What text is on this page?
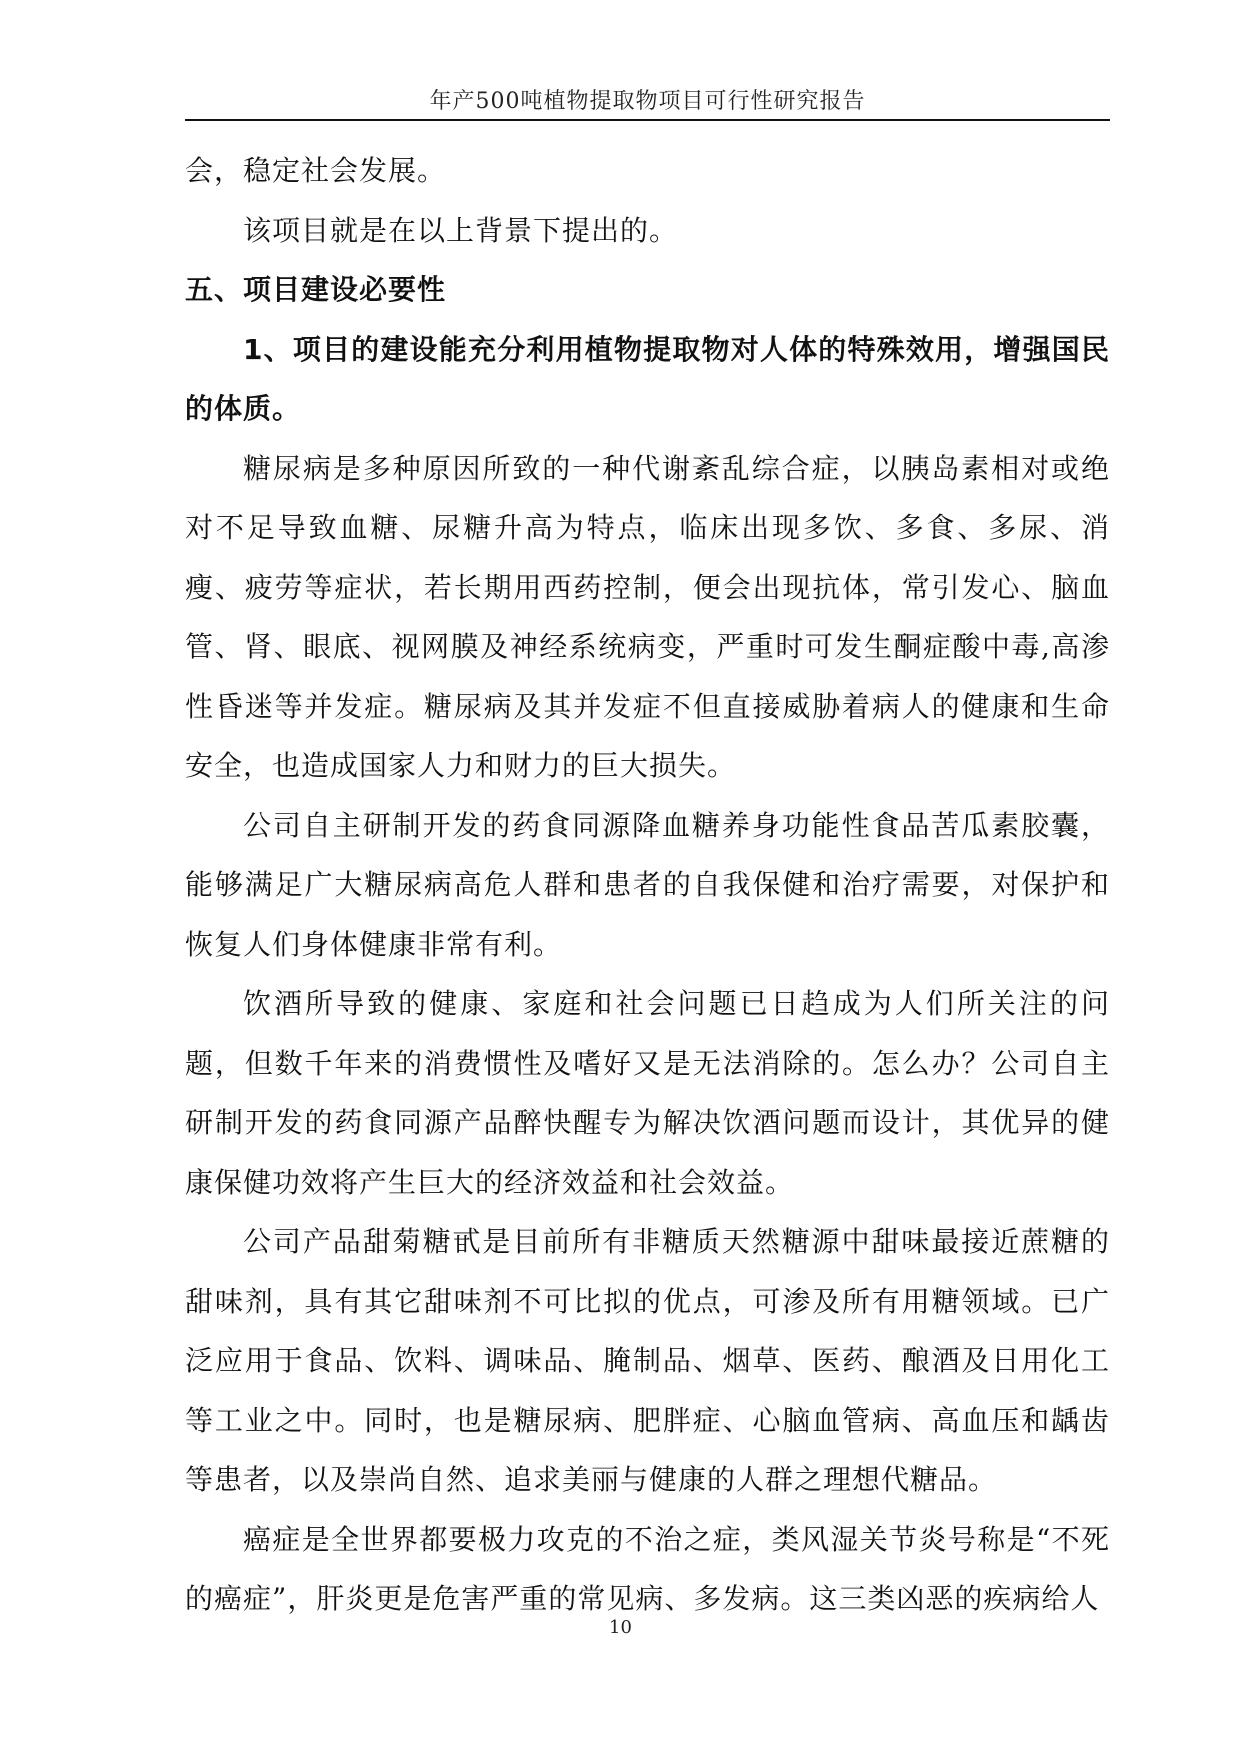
年产500吨植物提取物项目可行性研究报告

会，稳定社会发展。

该项目就是在以上背景下提出的。

五、项目建设必要性

1、项目的建设能充分利用植物提取物对人体的特殊效用，增强国民的体质。

糖尿病是多种原因所致的一种代谢紊乱综合症，以胰岛素相对或绝对不足导致血糖、尿糖升高为特点，临床出现多饮、多食、多尿、消瘦、疲劳等症状，若长期用西药控制，便会出现抗体，常引发心、脑血管、肾、眼底、视网膜及神经系统病变，严重时可发生酮症酸中毒,高渗性昏迷等并发症。糖尿病及其并发症不但直接威胁着病人的健康和生命安全，也造成国家人力和财力的巨大损失。

公司自主研制开发的药食同源降血糖养身功能性食品苦瓜素胶囊，能够满足广大糖尿病高危人群和患者的自我保健和治疗需要，对保护和恢复人们身体健康非常有利。

饮酒所导致的健康、家庭和社会问题已日趋成为人们所关注的问题，但数千年来的消费惯性及嗜好又是无法消除的。怎么办？公司自主研制开发的药食同源产品醉快醒专为解决饮酒问题而设计，其优异的健康保健功效将产生巨大的经济效益和社会效益。

公司产品甜菊糖甙是目前所有非糖质天然糖源中甜味最接近蔗糖的甜味剂，具有其它甜味剂不可比拟的优点，可渗及所有用糖领域。已广泛应用于食品、饮料、调味品、腌制品、烟草、医药、酿酒及日用化工等工业之中。同时，也是糖尿病、肥胖症、心脑血管病、高血压和龋齿等患者，以及崇尚自然、追求美丽与健康的人群之理想代糖品。

癌症是全世界都要极力攻克的不治之症，类风湿关节炎号称是“不死的癌症”，肝炎更是危害严重的常见病、多发病。这三类凶恶的疾病给人

10
